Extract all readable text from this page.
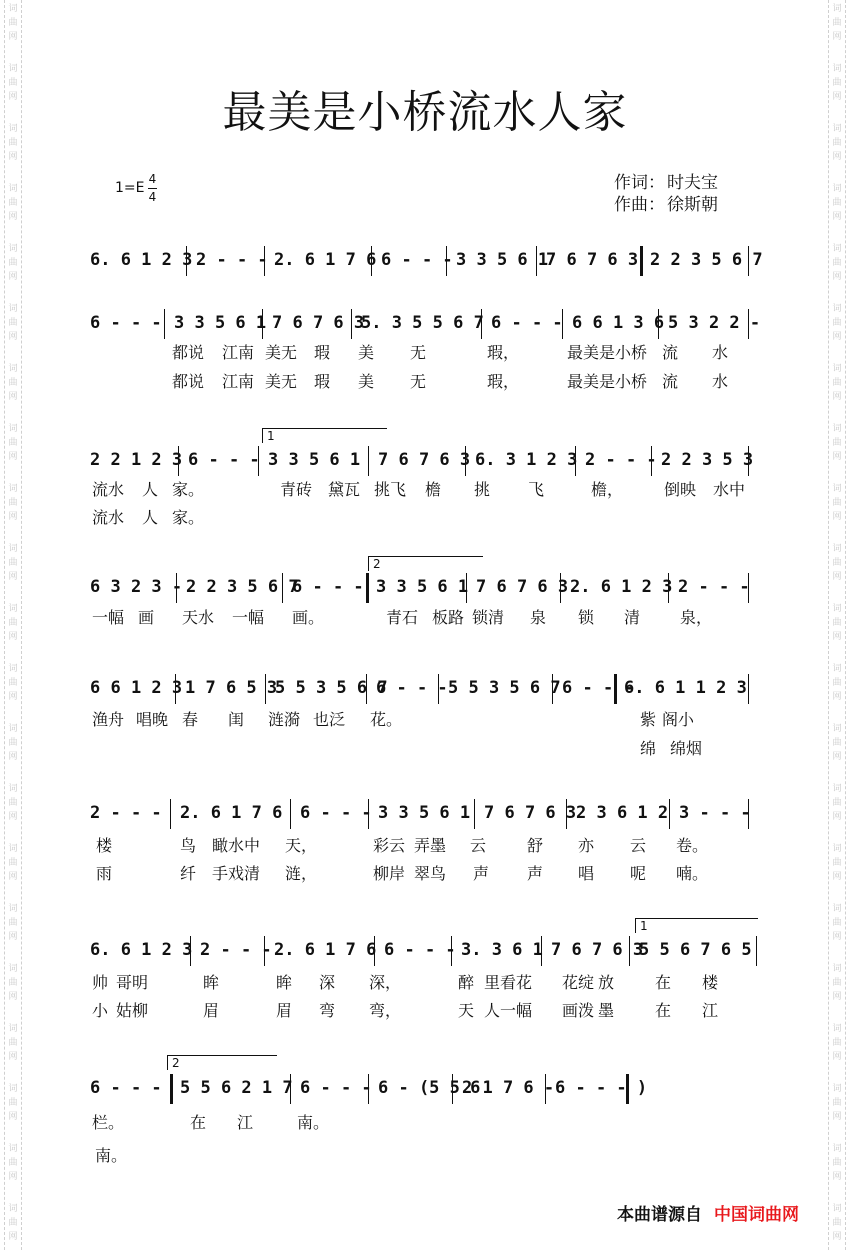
词
曲
网
词
曲
网
词
曲
网
词
曲
网
词
曲
网
词
曲
网
词
曲
网
词
曲
网
词
曲
网
词
曲
网
词
曲
网
词
曲
网
词
曲
网
词
曲
网
词
曲
网
词
曲
网
词
曲
网
词
曲
网
词
曲
网
词
曲
网
词
曲
网
词
曲
网
词
曲
网
词
曲
网
词
曲
网
词
曲
网
词
曲
网
词
曲
网
词
曲
网
词
曲
网
词
曲
网
词
曲
网
词
曲
网
词
曲
网
词
曲
网
词
曲
网
词
曲
网
词
曲
网
词
曲
网
词
曲
网
词
曲
网
词
曲
网
最美是小桥流水人家
1=E
4
4
作词： 时夫宝
作曲： 徐斯朝
6. 6 1 2 3 2 - - - 2. 6 1 7 6 6 - - - 3 3 5 6 1
7 6 7 6 3 2 2 3 5 6 7
6 - - - 3 3 5 6 1 7 6 7 6 3
5. 3 5 5 6 7 6 - - - 6 6 1 3 6 5 3 2 2 -
2 2 1 2 3 6 - - - 3 3 5 6 1 7 6 7 6 3 6. 3 1 2 3 2 - - - 2 2 3 5 3
6 3 2 3 - 2 2 3 5 6 7
6 - - - 3 3 5 6 1 7 6 7 6 3 2. 6 1 2 3 2 - - -
6 6 1 2 3 1 7 6 5 3
5 5 3 5 6 7
6 - - - 5 5 3 5 6 7 6 - - -
6. 6 1 1 2 3
2 - - - 2. 6 1 7 6 6 - - - 3 3 5 6 1 7 6 7 6 3 2 3 6 1 2 3 - - -
6. 6 1 2 3 2 - - - 2. 6 1 7 6 6 - - - 3. 3 6 1 7 6 7 6 3
5 5 6 7 6 5
6 - - - 5 5 6 2 1 7 6 - - - 6 - (5 5 6
2 1 7 6 - 6 - - - )
1
2
1
2
都说 江南 美无 瑕 美 无	瑕，	最美是小桥 流 水
都说 江南 美无 瑕 美 无	瑕，	最美是小桥 流 水
流水 人 家。	青砖 黛瓦 挑飞 檐 挑 飞	檐，	倒映 水中
流水 人 家。
一幅 画 天水 一幅 画。	青石 板路 锁清 泉 锁 清 泉，
渔舟 唱晚 春 闺 涟漪 也泛 花。	紫 阁小
绵 绵烟
楼	鸟 瞰水中 天，	彩云 弄墨 云	舒 亦 云 卷。
雨	纤 手戏清 涟，	柳岸 翠鸟 声 声 唱 呢 喃。
帅 哥明	眸	眸 深 深，	醉 里看花 花绽 放	在 楼
小 姑柳	眉	眉 弯 弯，	天 人一幅 画泼 墨	在 江
栏。	在 江	南。
南。
本曲谱源自 中国词曲网
